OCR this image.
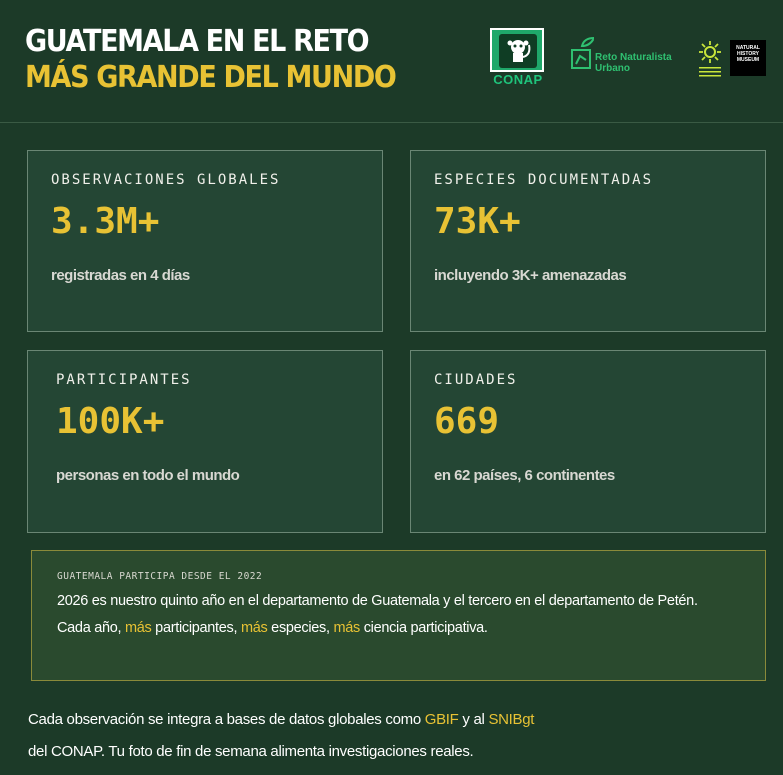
GUATEMALA EN EL RETO
MÁS GRANDE DEL MUNDO	CONAP
Reto Naturalista
Urbano
NATURAL HISTORY MUSEUM
OBSERVACIONES GLOBALES
3.3M+
registradas en 4 días
ESPECIES DOCUMENTADAS
73K+
incluyendo 3K+ amenazadas
PARTICIPANTES
100K+
personas en todo el mundo
CIUDADES
669
en 62 países, 6 continentes
GUATEMALA PARTICIPA DESDE EL 2022
2026 es nuestro quinto año en el departamento de Guatemala y el tercero en el departamento de Petén.
Cada año, más participantes, más especies, más ciencia participativa.
Cada observación se integra a bases de datos globales como GBIF y al SNIBgt
del CONAP. Tu foto de fin de semana alimenta investigaciones reales.
